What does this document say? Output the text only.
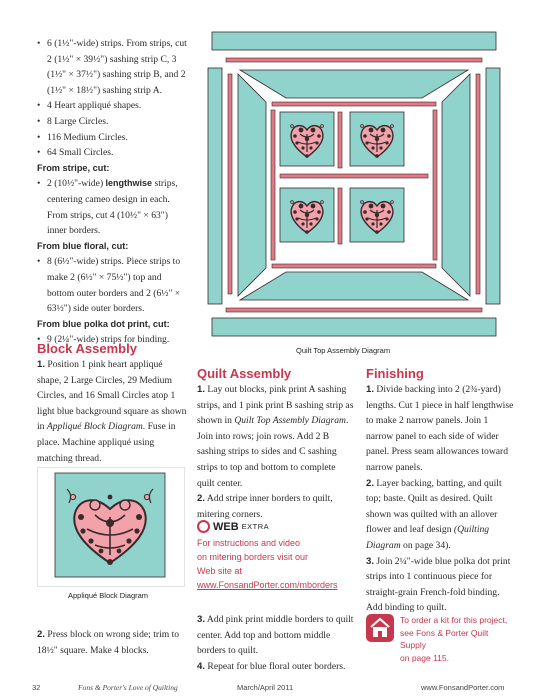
• 6 (1½"-wide) strips. From strips, cut 2 (1½" × 39½") sashing strip C, 3 (1½" × 37½") sashing strip B, and 2 (1½" × 18½") sashing strip A.
• 4 Heart appliqué shapes.
• 8 Large Circles.
• 116 Medium Circles.
• 64 Small Circles.
From stripe, cut:
• 2 (10½"-wide) lengthwise strips, centering cameo design in each. From strips, cut 4 (10½" × 63") inner borders.
From blue floral, cut:
• 8 (6½"-wide) strips. Piece strips to make 2 (6½" × 75½") top and bottom outer borders and 2 (6½" × 63½") side outer borders.
From blue polka dot print, cut:
• 9 (2¼"-wide) strips for binding.
Quilt Top Assembly Diagram
Block Assembly

1. Position 1 pink heart appliqué shape, 2 Large Circles, 29 Medium Circles, and 16 Small Circles atop 1 light blue background square as shown in Appliqué Block Diagram. Fuse in place. Machine appliqué using matching thread.

Appliqué Block Diagram

2. Press block on wrong side; trim to 18½" square. Make 4 blocks.

Quilt Assembly

1. Lay out blocks, pink print A sashing strips, and 1 pink print B sashing strip as shown in Quilt Top Assembly Diagram. Join into rows; join rows. Add 2 B sashing strips to sides and C sashing strips to top and bottom to complete quilt center.

2. Add stripe inner borders to quilt, mitering corners.

WEB EXTRA
For instructions and video
on mitering borders visit our
Web site at
www.FonsandPorter.com/mborders

3. Add pink print middle borders to quilt center. Add top and bottom middle borders to quilt.

4. Repeat for blue floral outer borders.

Finishing

1. Divide backing into 2 (2¾-yard) lengths. Cut 1 piece in half lengthwise to make 2 narrow panels. Join 1 narrow panel to each side of wider panel. Press seam allowances toward narrow panels.

2. Layer backing, batting, and quilt top; baste. Quilt as desired. Quilt shown was quilted with an allover flower and leaf design (Quilting Diagram on page 34).

3. Join 2¼"-wide blue polka dot print strips into 1 continuous piece for straight-grain French-fold binding. Add binding to quilt.

To order a kit for this project,
see Fons & Porter Quilt Supply
on page 115.
32	Fons & Porter's Love of Quilting	March/April 2011	www.FonsandPorter.com
